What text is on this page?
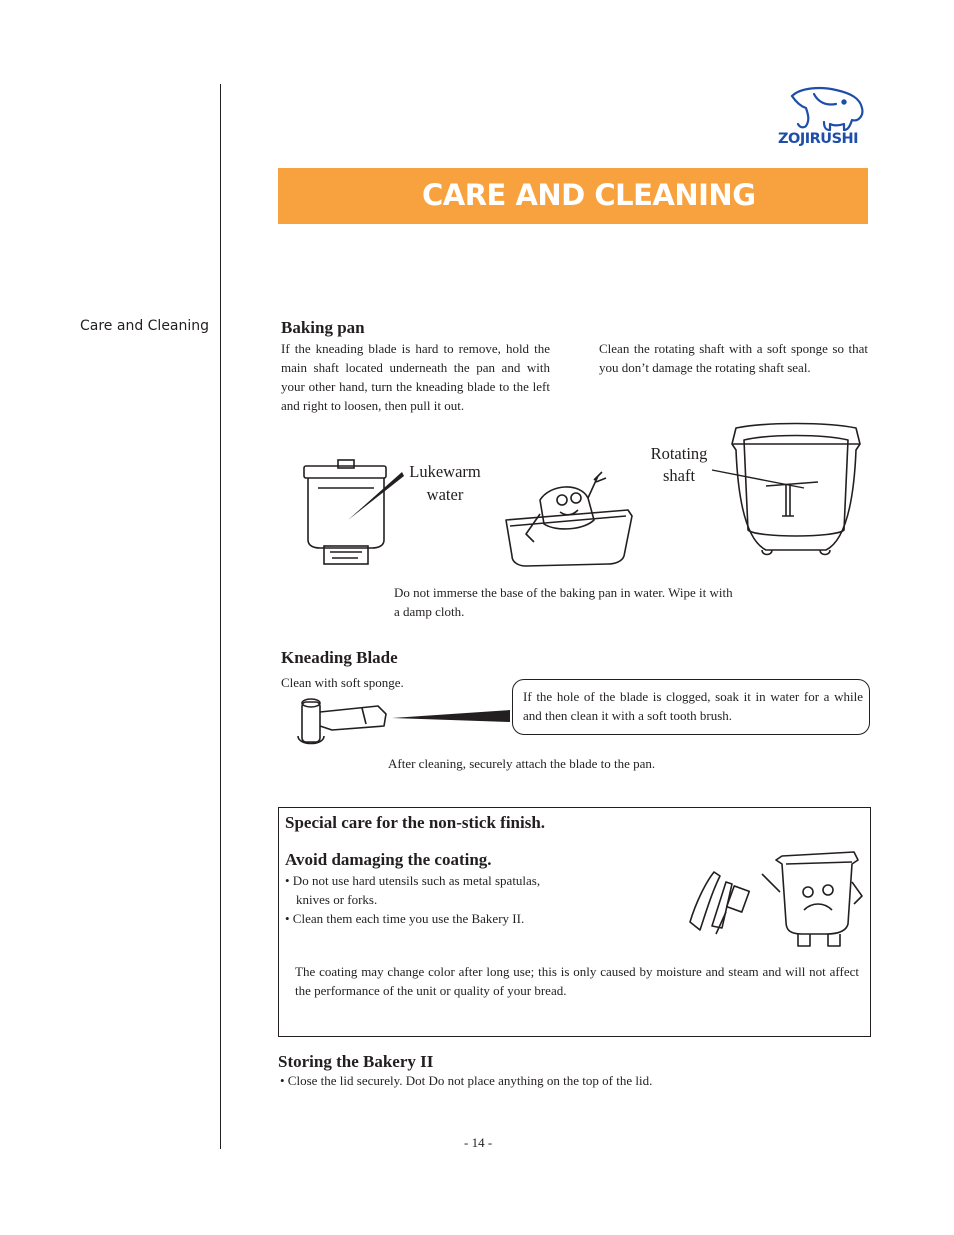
Care and Cleaning
ZOJIRUSHI
CARE AND CLEANING
Baking pan
If the kneading blade is hard to remove, hold the main shaft located underneath the pan and with your other hand, turn the kneading blade to the left and right to loosen, then pull it out.
Clean the rotating shaft with a soft sponge so that you don’t damage the rotating shaft seal.
Lukewarm
water
Rotating
shaft
Do not immerse the base of the baking pan in water. Wipe it with
a damp cloth.
Kneading Blade
Clean with soft sponge.
If the hole of the blade is clogged, soak it in water for a while and then clean it with a soft tooth brush.
After cleaning, securely attach the blade to the pan.
Special care for the non-stick finish.
Avoid damaging the coating.
• Do not use hard utensils such as metal spatulas,
knives or forks.
• Clean them each time you use the Bakery II.
The coating may change color after long use; this is only caused by moisture and steam and will not affect the performance of the unit or quality of your bread.
Storing the Bakery II
• Close the lid securely. Dot Do not place anything on the top of the lid.
- 14 -
